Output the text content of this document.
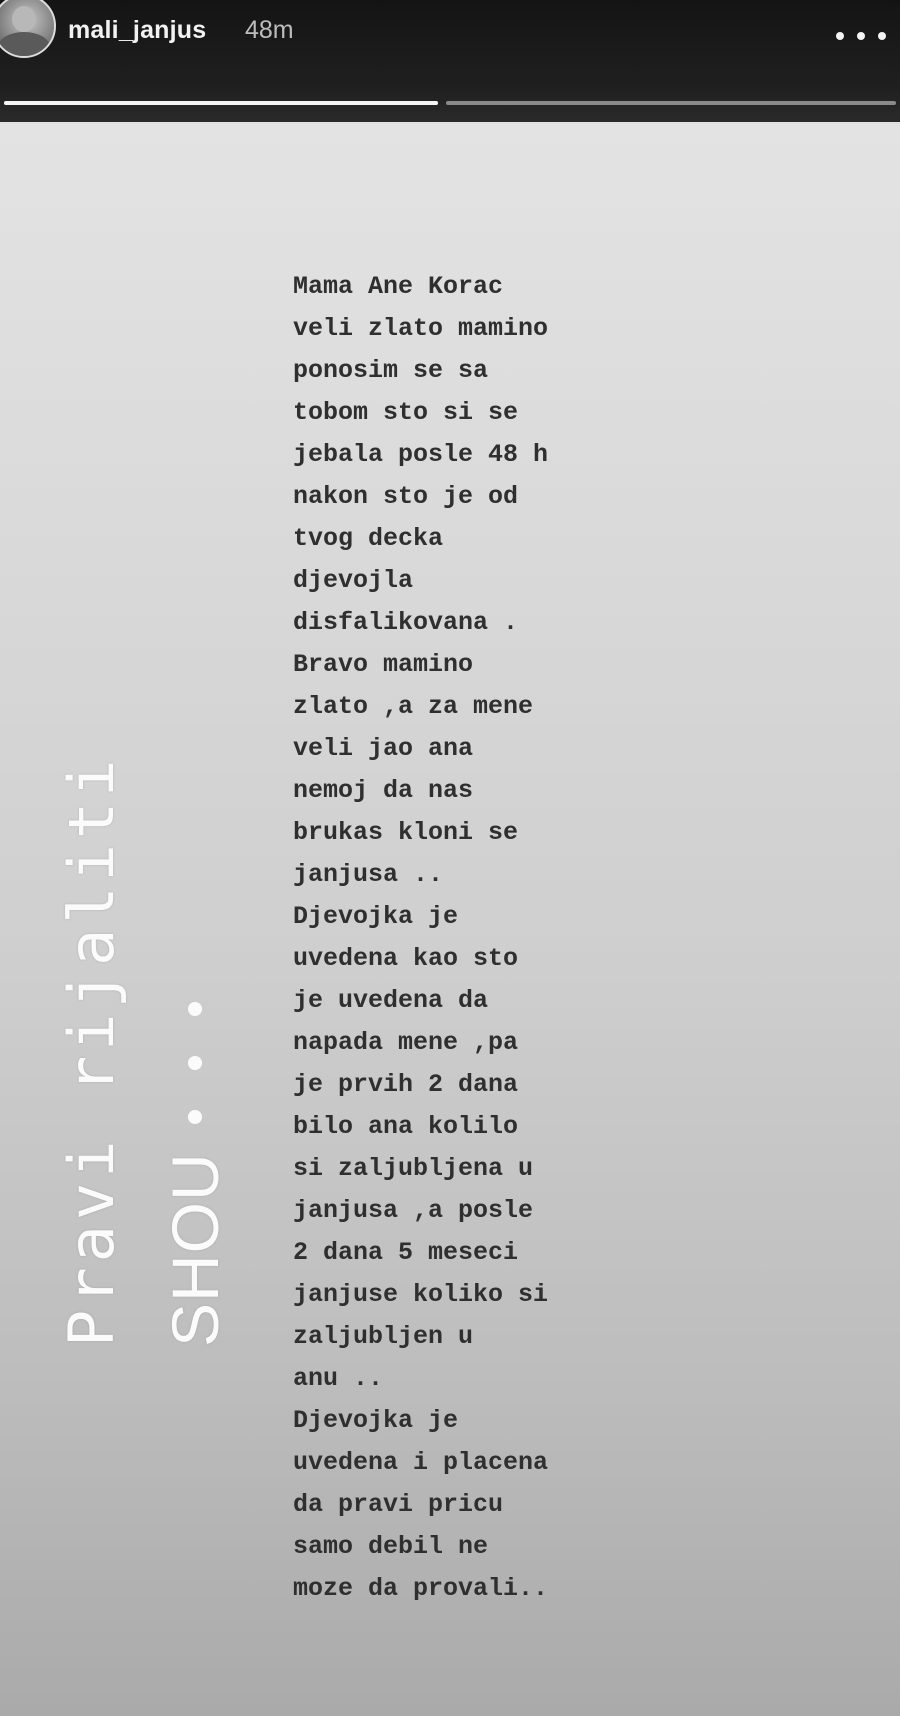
mali_janjus 48m
Pravi rijaliti SHOU
Mama Ane Korac
veli zlato mamino
ponosim se sa
tobom sto si se
jebala posle 48 h
nakon sto je od
tvog decka
djevojla
disfalikovana .
Bravo mamino
zlato ,a za mene
veli jao ana
nemoj da nas
brukas kloni se
janjusa ..
Djevojka je
uvedena kao sto
je uvedena da
napada mene ,pa
je prvih 2 dana
bilo ana kolilo
si zaljubljena u
janjusa ,a posle
2 dana 5 meseci
janjuse koliko si
zaljubljen u
anu ..
Djevojka je
uvedena i placena
da pravi pricu
samo debil ne
moze da provali..
